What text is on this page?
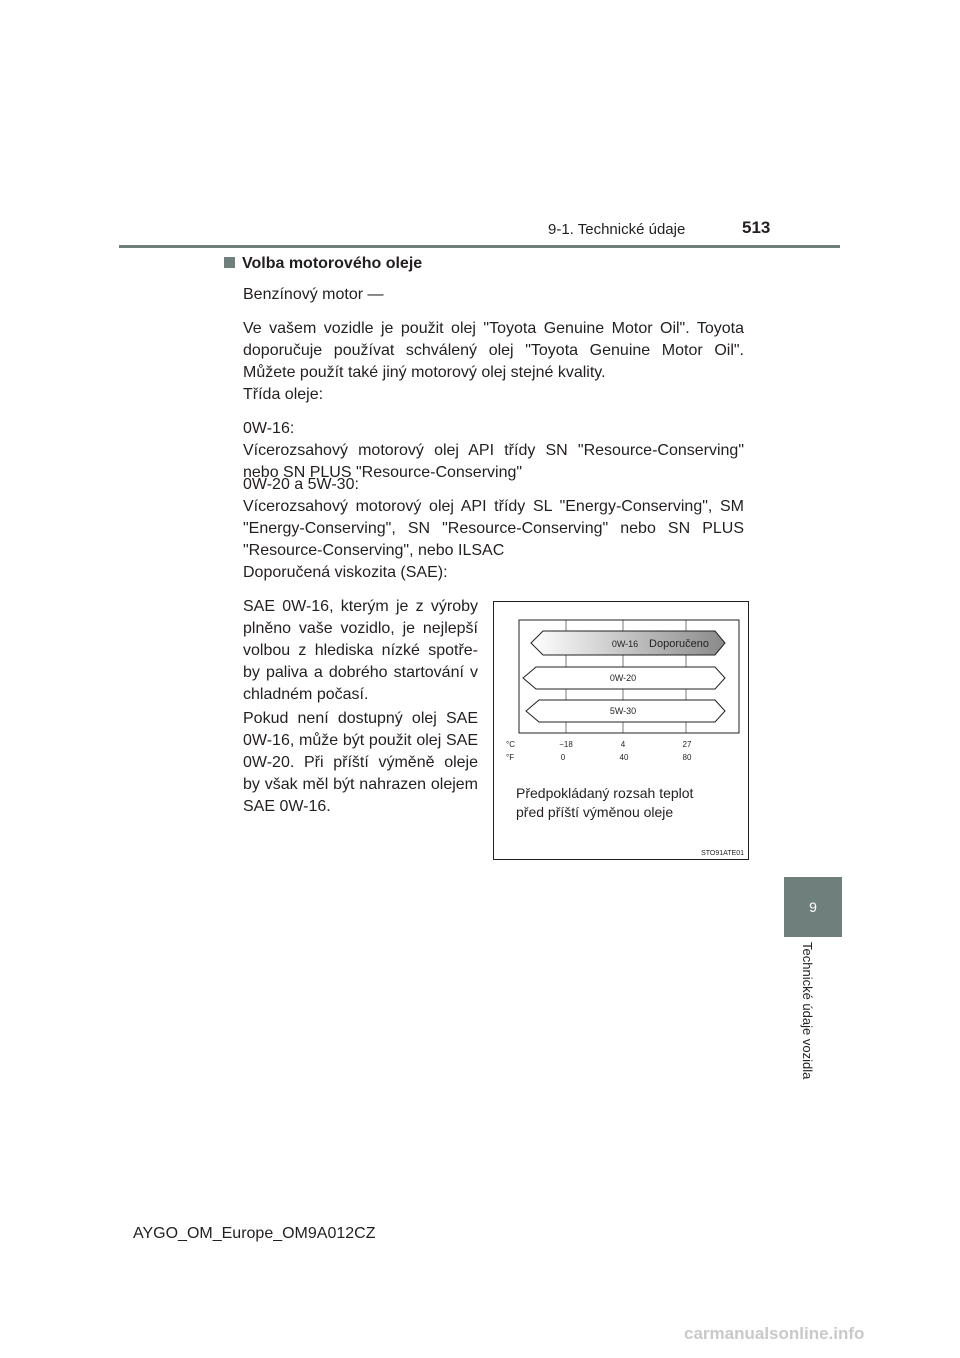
9-1. Technické údaje	513
9
Technické údaje vozidla
Volba motorového oleje

Benzínový motor —

Ve vašem vozidle je použit olej "Toyota Genuine Motor Oil". Toyota doporučuje používat schválený olej "Toyota Genuine Motor Oil". Můžete použít také jiný motorový olej stejné kvality.

Třída oleje:

0W-16:
Vícerozsahový motorový olej API třídy SN "Resource-Conserving" nebo SN PLUS "Resource-Conserving"
0W-20 a 5W-30:
Vícerozsahový motorový olej API třídy SL "Energy-Conserving", SM "Energy-Conserving", SN "Resource-Conserving" nebo SN PLUS "Resource-Conserving", nebo ILSAC

Doporučená viskozita (SAE):

SAE 0W-16, kterým je z výroby plněno vaše vozidlo, je nejlepší volbou z hlediska nízké spotře-by paliva a dobrého startování v chladném počasí.

Pokud není dostupný olej SAE 0W-16, může být použit olej SAE 0W-20. Při příští výměně oleje by však měl být nahrazen olejem SAE 0W-16.

0W-16 Doporučeno
0W-20
5W-30
°C
°F
−18	4	27
0	40	80
Předpokládaný rozsah teplot
před příští výměnou oleje
STO91ATE01
AYGO_OM_Europe_OM9A012CZ
carmanualsonline.info
